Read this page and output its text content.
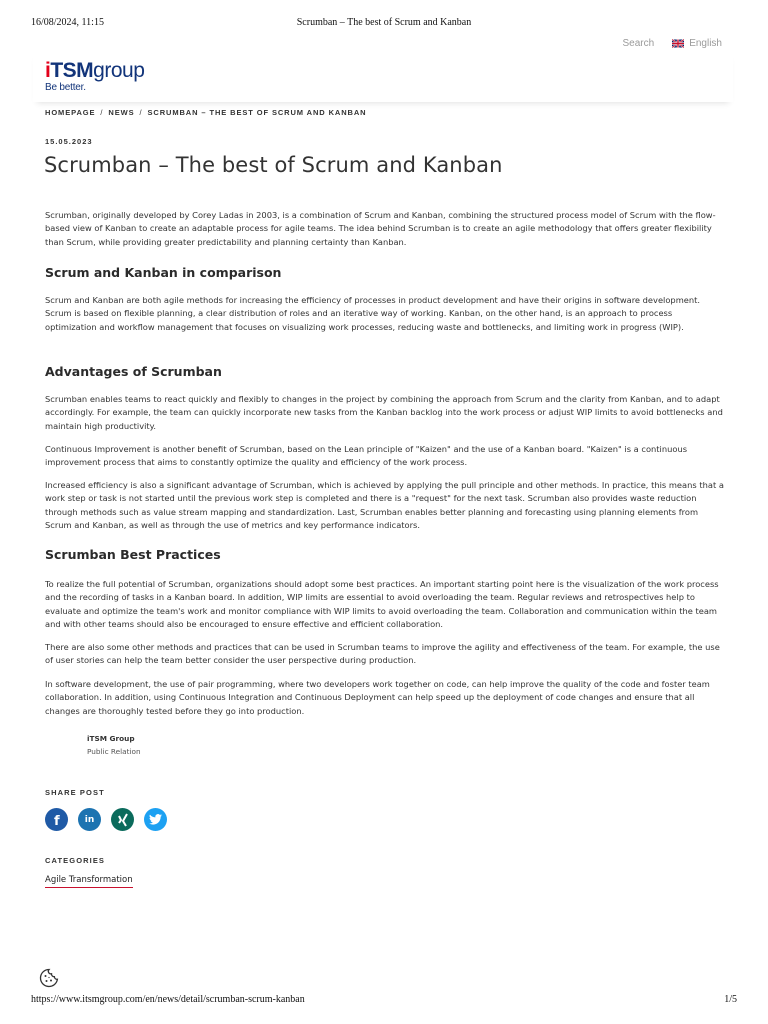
16/08/2024, 11:15	Scrumban – The best of Scrum and Kanban
Search	English
iTSMgroup
Be better.
HOMEPAGE / NEWS / SCRUMBAN – THE BEST OF SCRUM AND KANBAN
15.05.2023
Scrumban – The best of Scrum and Kanban

Scrumban, originally developed by Corey Ladas in 2003, is a combination of Scrum and Kanban, combining the structured process model of Scrum with the flow-based view of Kanban to create an adaptable process for agile teams. The idea behind Scrumban is to create an agile methodology that offers greater flexibility than Scrum, while providing greater predictability and planning certainty than Kanban.

Scrum and Kanban in comparison

Scrum and Kanban are both agile methods for increasing the efficiency of processes in product development and have their origins in software development. Scrum is based on flexible planning, a clear distribution of roles and an iterative way of working. Kanban, on the other hand, is an approach to process optimization and workflow management that focuses on visualizing work processes, reducing waste and bottlenecks, and limiting work in progress (WIP).

Advantages of Scrumban

Scrumban enables teams to react quickly and flexibly to changes in the project by combining the approach from Scrum and the clarity from Kanban, and to adapt accordingly. For example, the team can quickly incorporate new tasks from the Kanban backlog into the work process or adjust WIP limits to avoid bottlenecks and maintain high productivity.

Continuous Improvement is another benefit of Scrumban, based on the Lean principle of "Kaizen" and the use of a Kanban board. "Kaizen" is a continuous improvement process that aims to constantly optimize the quality and efficiency of the work process.

Increased efficiency is also a significant advantage of Scrumban, which is achieved by applying the pull principle and other methods. In practice, this means that a work step or task is not started until the previous work step is completed and there is a "request" for the next task. Scrumban also provides waste reduction through methods such as value stream mapping and standardization. Last, Scrumban enables better planning and forecasting using planning elements from Scrum and Kanban, as well as through the use of metrics and key performance indicators.

Scrumban Best Practices

To realize the full potential of Scrumban, organizations should adopt some best practices. An important starting point here is the visualization of the work process and the recording of tasks in a Kanban board. In addition, WIP limits are essential to avoid overloading the team. Regular reviews and retrospectives help to evaluate and optimize the team's work and monitor compliance with WIP limits to avoid overloading the team. Collaboration and communication within the team and with other teams should also be encouraged to ensure effective and efficient collaboration.

There are also some other methods and practices that can be used in Scrumban teams to improve the agility and effectiveness of the team. For example, the use of user stories can help the team better consider the user perspective during production.

In software development, the use of pair programming, where two developers work together on code, can help improve the quality of the code and foster team collaboration. In addition, using Continuous Integration and Continuous Deployment can help speed up the deployment of code changes and ensure that all changes are thoroughly tested before they go into production.

iTSM Group
Public Relation
SHARE POST
f	in
CATEGORIES
Agile Transformation
https://www.itsmgroup.com/en/news/detail/scrumban-scrum-kanban	1/5
